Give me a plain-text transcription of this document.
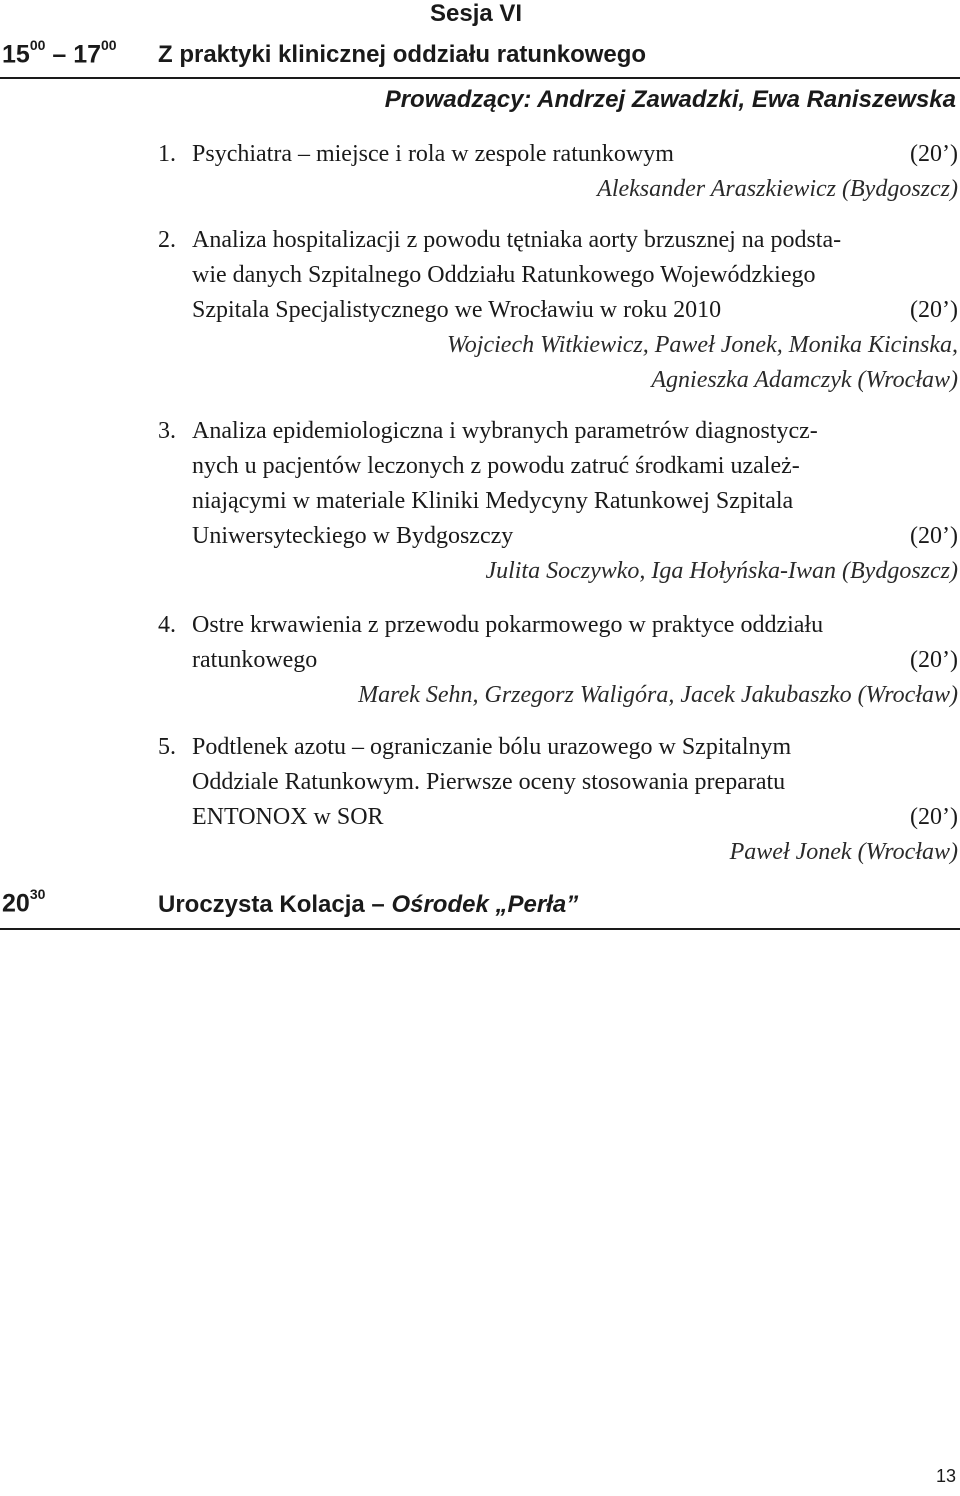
Sesja VI
$15^{00} - 17^{00}$ Z praktyki klinicznej oddziału ratunkowego
Prowadzący: Andrzej Zawadzki, Ewa Raniszewska
1. Psychiatra – miejsce i rola w zespole ratunkowym	(20’)
Aleksander Araszkiewicz (Bydgoszcz)
2. Analiza hospitalizacji z powodu tętniaka aorty brzusznej na podsta-
wie danych Szpitalnego Oddziału Ratunkowego Wojewódzkiego
Szpitala Specjalistycznego we Wrocławiu w roku 2010	(20’)
Wojciech Witkiewicz, Paweł Jonek, Monika Kicinska,
Agnieszka Adamczyk (Wrocław)
3. Analiza epidemiologiczna i wybranych parametrów diagnostycz-
nych u pacjentów leczonych z powodu zatruć środkami uzależ-
niającymi w materiale Kliniki Medycyny Ratunkowej Szpitala
Uniwersyteckiego w Bydgoszczy	(20’)
Julita Soczywko, Iga Hołyńska-Iwan (Bydgoszcz)
4. Ostre krwawienia z przewodu pokarmowego w praktyce oddziału
ratunkowego	(20’)
Marek Sehn, Grzegorz Waligóra, Jacek Jakubaszko (Wrocław)
5. Podtlenek azotu – ograniczanie bólu urazowego w Szpitalnym
Oddziale Ratunkowym. Pierwsze oceny stosowania preparatu
ENTONOX w SOR	(20’)
Paweł Jonek (Wrocław)
$20^{30}$	Uroczysta Kolacja – Ośrodek „Perła”
13
